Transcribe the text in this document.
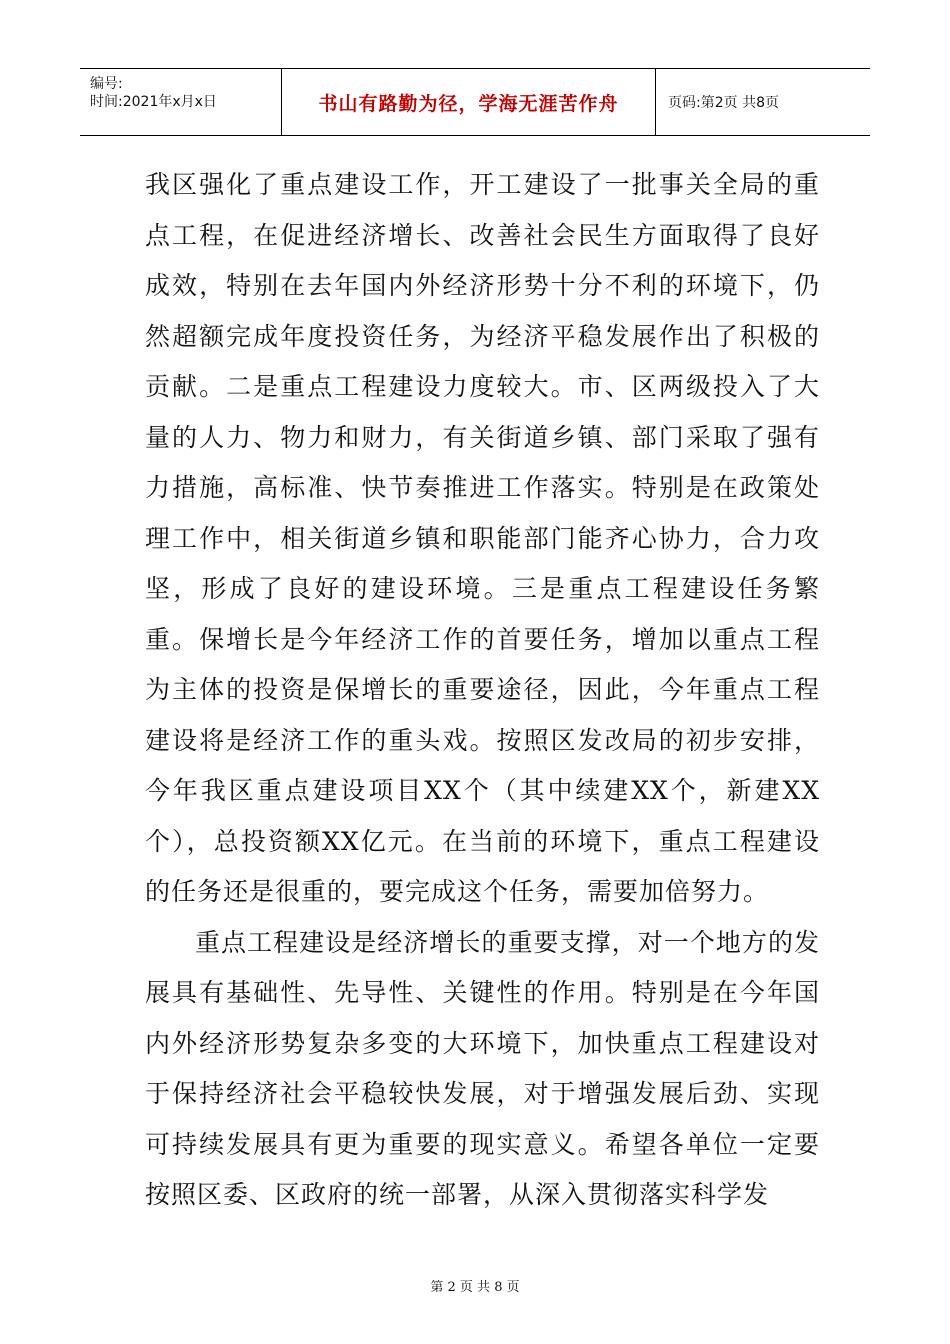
编号:
时间:2021年x月x日	书山有路勤为径，学海无涯苦作舟	页码:第2页 共8页

我区强化了重点建设工作，开工建设了一批事关全局的重点工程，在促进经济增长、改善社会民生方面取得了良好成效，特别在去年国内外经济形势十分不利的环境下，仍然超额完成年度投资任务，为经济平稳发展作出了积极的贡献。二是重点工程建设力度较大。市、区两级投入了大量的人力、物力和财力，有关街道乡镇、部门采取了强有力措施，高标准、快节奏推进工作落实。特别是在政策处理工作中，相关街道乡镇和职能部门能齐心协力，合力攻坚，形成了良好的建设环境。三是重点工程建设任务繁重。保增长是今年经济工作的首要任务，增加以重点工程为主体的投资是保增长的重要途径，因此，今年重点工程建设将是经济工作的重头戏。按照区发改局的初步安排，今年我区重点建设项目XX个（其中续建XX个，新建XX个），总投资额XX亿元。在当前的环境下，重点工程建设的任务还是很重的，要完成这个任务，需要加倍努力。

重点工程建设是经济增长的重要支撑，对一个地方的发展具有基础性、先导性、关键性的作用。特别是在今年国内外经济形势复杂多变的大环境下，加快重点工程建设对于保持经济社会平稳较快发展，对于增强发展后劲、实现可持续发展具有更为重要的现实意义。希望各单位一定要按照区委、区政府的统一部署，从深入贯彻落实科学发

第 2 页 共 8 页
